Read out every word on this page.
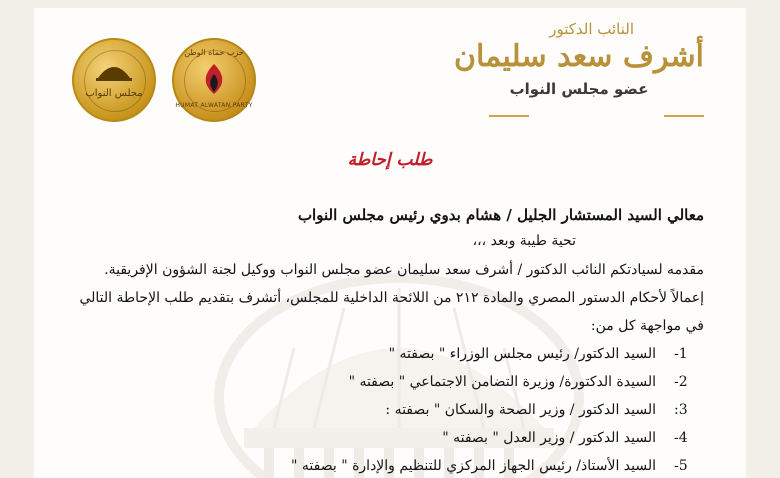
مجلس النواب
حزب حماة الوطن
HUMAT ALWATAN PARTY
النائب الدكتور
أشرف سعد سليمان
عضو مجلس النواب
طلب إحاطة
معالي السيد المستشار الجليل / هشام بدوي رئيس مجلس النواب
تحية طيبة وبعد ،،،
مقدمه لسيادتكم النائب الدكتور / أشرف سعد سليمان عضو مجلس النواب ووكيل لجنة الشؤون الإفريقية.
إعمالاً لأحكام الدستور المصري والمادة ٢١٢ من اللائحة الداخلية للمجلس، أتشرف بتقديم طلب الإحاطة التالي
في مواجهة كل من:
-1
السيد الدكتور/ رئيس مجلس الوزراء " بصفته "
-2
السيدة الدكتورة/ وزيرة التضامن الاجتماعي " بصفته "
:3
السيد الدكتور / وزير الصحة والسكان " بصفته :
-4
السيد الدكتور / وزير العدل " بصفته "
-5
السيد الأستاذ/ رئيس الجهاز المركزي للتنظيم والإدارة " بصفته "
